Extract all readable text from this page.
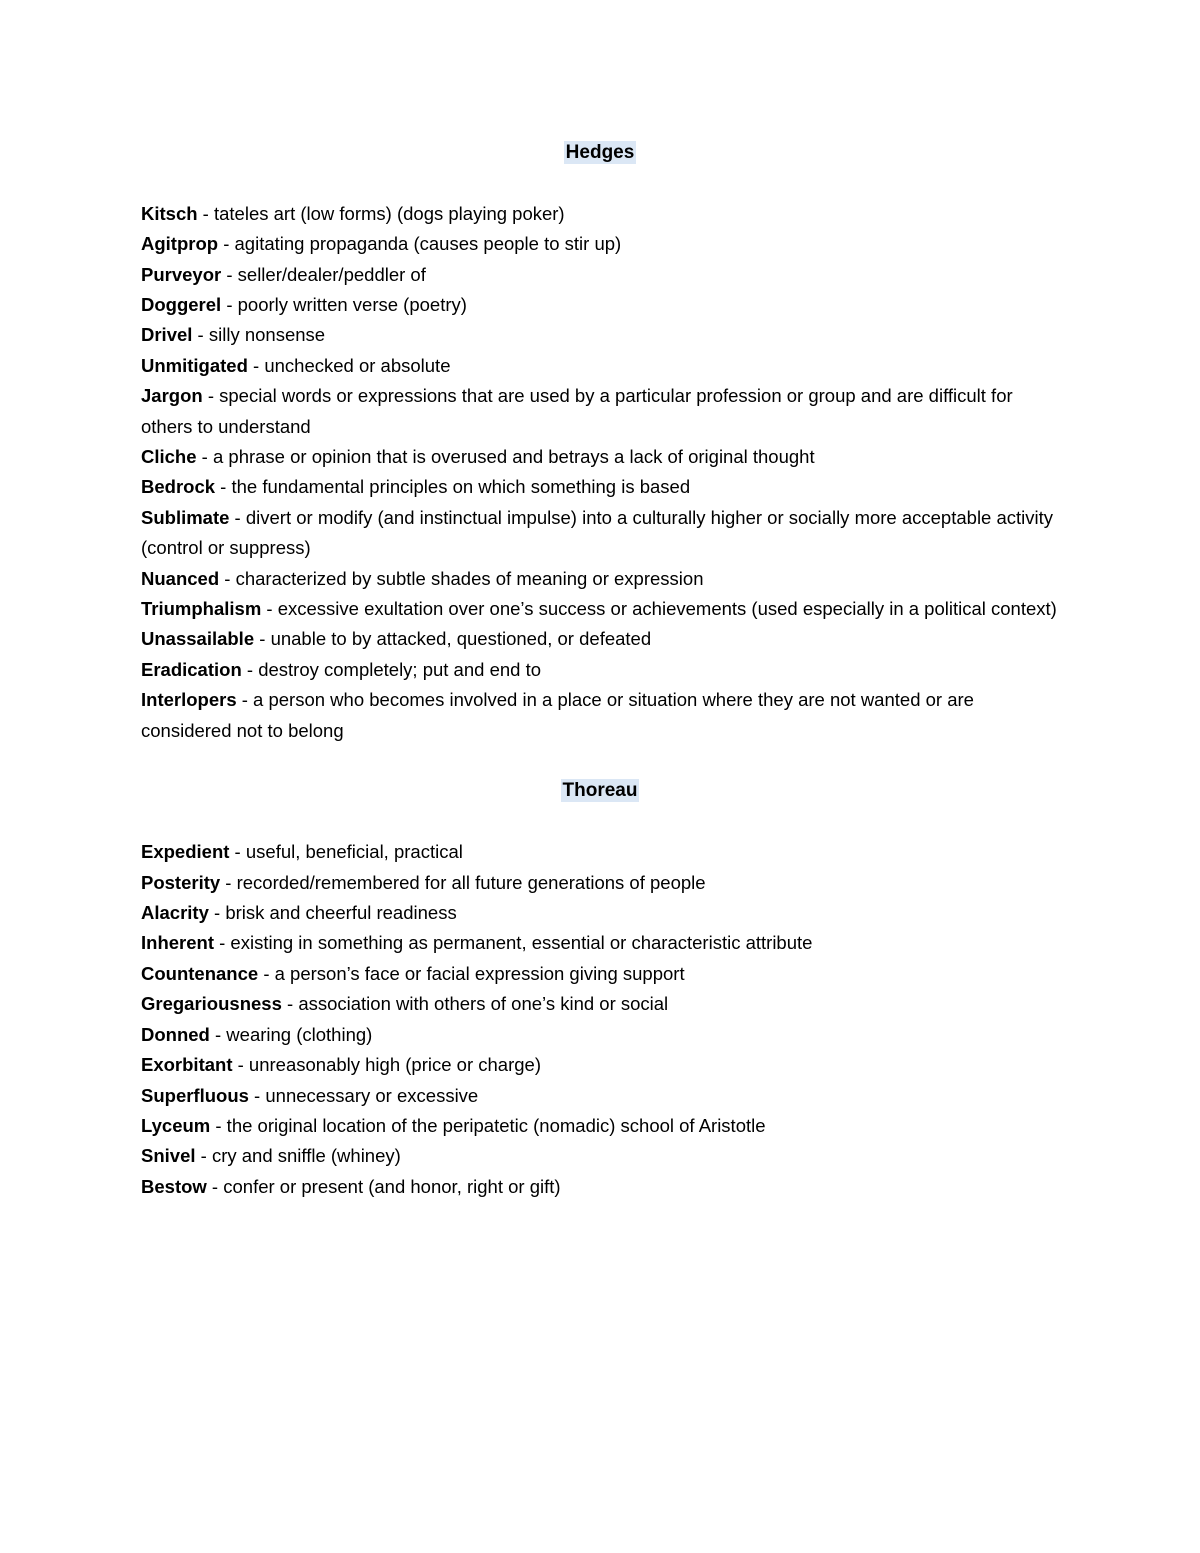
Hedges

Kitsch - tateles art (low forms) (dogs playing poker)

Agitprop - agitating propaganda (causes people to stir up)

Purveyor - seller/dealer/peddler of

Doggerel - poorly written verse (poetry)

Drivel - silly nonsense

Unmitigated - unchecked or absolute

Jargon - special words or expressions that are used by a particular profession or group and are difficult for others to understand

Cliche - a phrase or opinion that is overused and betrays a lack of original thought

Bedrock - the fundamental principles on which something is based

Sublimate - divert or modify (and instinctual impulse) into a culturally higher or socially more acceptable activity (control or suppress)

Nuanced - characterized by subtle shades of meaning or expression

Triumphalism - excessive exultation over one’s success or achievements (used especially in a political context)

Unassailable - unable to by attacked, questioned, or defeated

Eradication - destroy completely; put and end to

Interlopers - a person who becomes involved in a place or situation where they are not wanted or are considered not to belong

Thoreau

Expedient - useful, beneficial, practical

Posterity - recorded/remembered for all future generations of people

Alacrity - brisk and cheerful readiness

Inherent - existing in something as permanent, essential or characteristic attribute

Countenance - a person’s face or facial expression giving support

Gregariousness - association with others of one’s kind or social

Donned - wearing (clothing)

Exorbitant - unreasonably high (price or charge)

Superfluous - unnecessary or excessive

Lyceum - the original location of the peripatetic (nomadic) school of Aristotle

Snivel - cry and sniffle (whiney)

Bestow - confer or present (and honor, right or gift)
